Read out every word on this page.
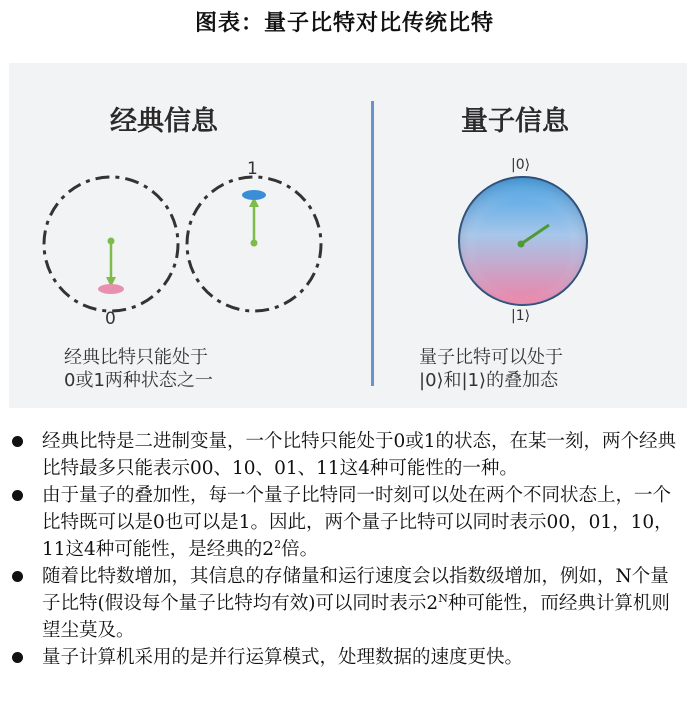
图表：量子比特对比传统比特
经典信息	量子信息
1
0
|0⟩
|1⟩
经典比特只能处于
0或1两种状态之一
量子比特可以处于
|0⟩和|1⟩的叠加态
经典比特是二进制变量，一个比特只能处于0或1的状态，在某一刻，两个经典比特最多只能表示00、10、01、11这4种可能性的一种。
由于量子的叠加性，每一个量子比特同一时刻可以处在两个不同状态上，一个比特既可以是0也可以是1。因此，两个量子比特可以同时表示00，01，10，11这4种可能性，是经典的$2^2$倍。
随着比特数增加，其信息的存储量和运行速度会以指数级增加，例如，N个量子比特(假设每个量子比特均有效)可以同时表示$2^N$种可能性，而经典计算机则望尘莫及。
量子计算机采用的是并行运算模式，处理数据的速度更快。
